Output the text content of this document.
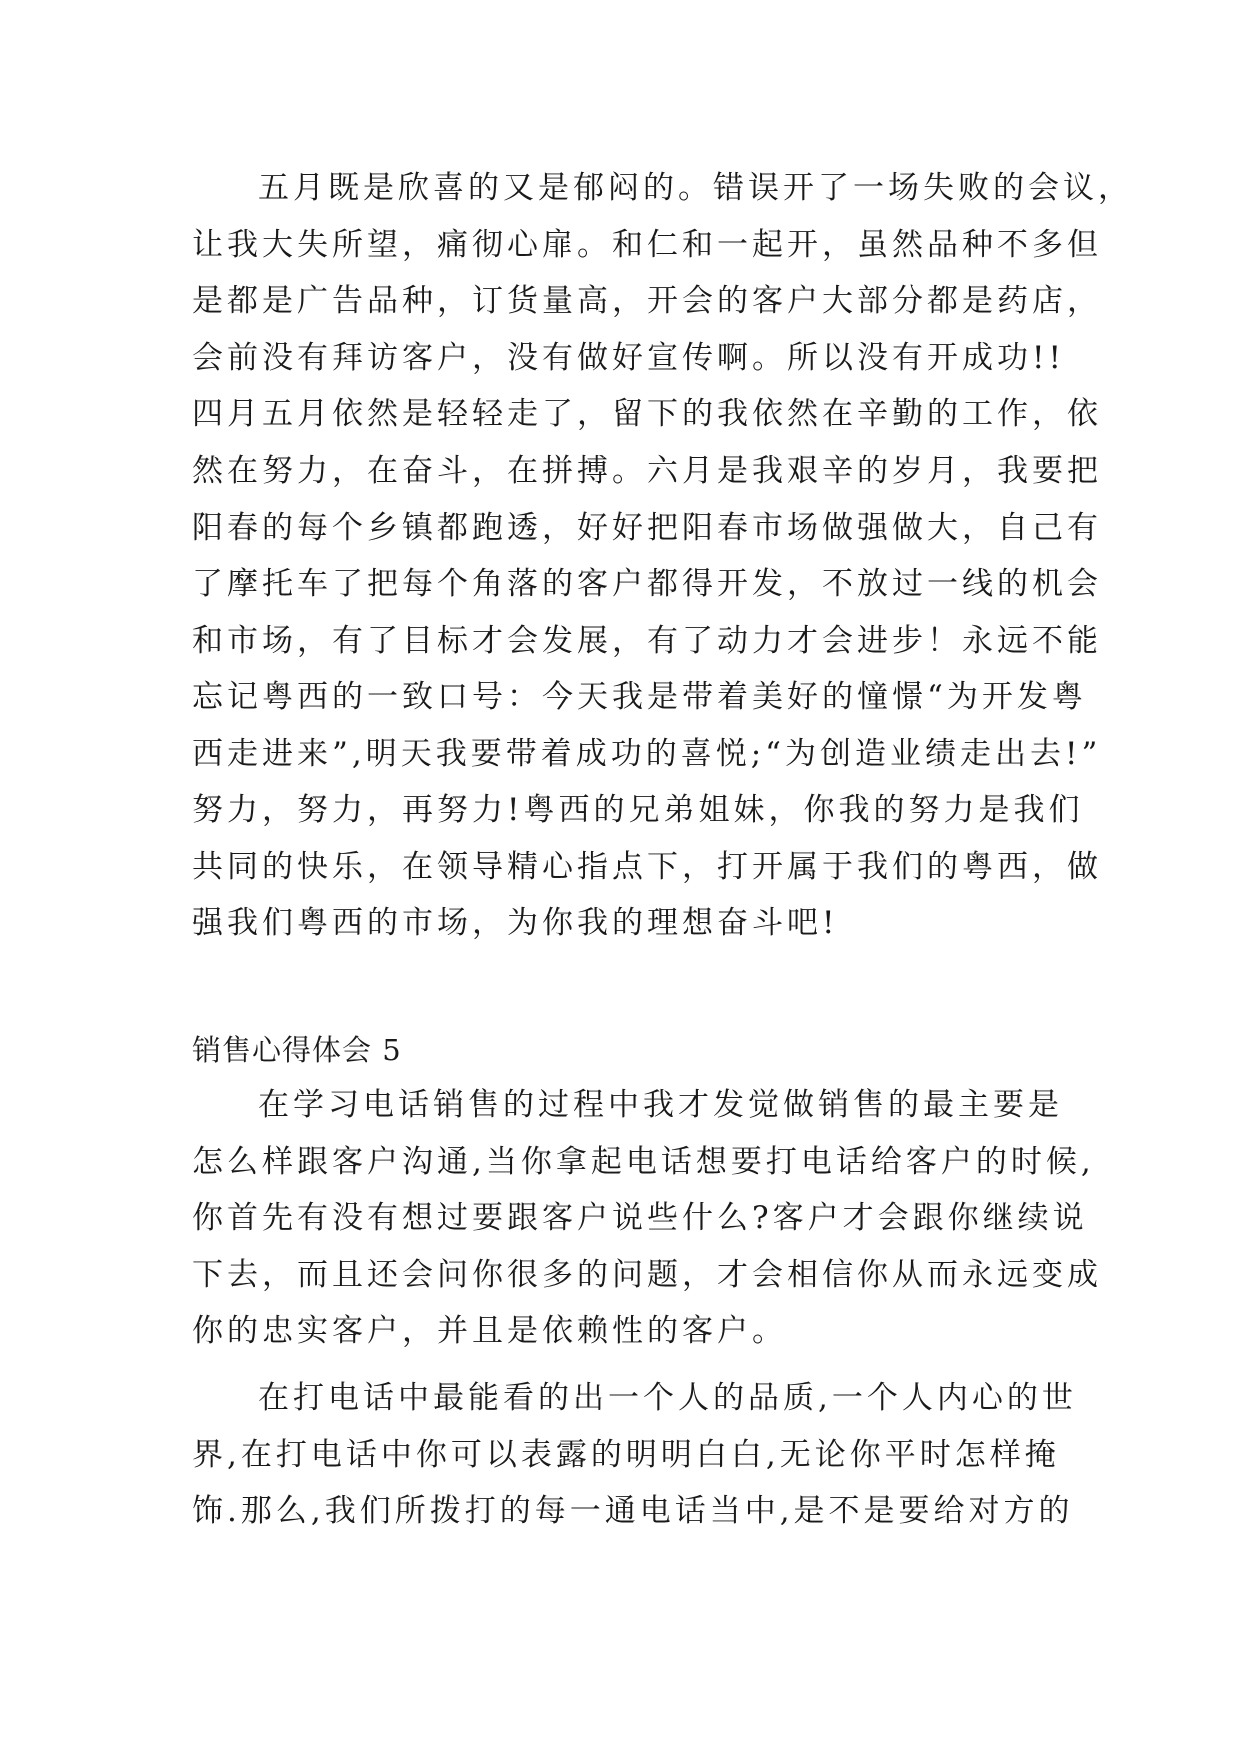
五月既是欣喜的又是郁闷的。错误开了一场失败的会议，
让我大失所望，痛彻心扉。和仁和一起开，虽然品种不多但
是都是广告品种，订货量高，开会的客户大部分都是药店，
会前没有拜访客户，没有做好宣传啊。所以没有开成功!!
四月五月依然是轻轻走了，留下的我依然在辛勤的工作，依
然在努力，在奋斗，在拼搏。六月是我艰辛的岁月，我要把
阳春的每个乡镇都跑透，好好把阳春市场做强做大，自己有
了摩托车了把每个角落的客户都得开发，不放过一线的机会
和市场，有了目标才会发展，有了动力才会进步！永远不能
忘记粤西的一致口号：今天我是带着美好的憧憬“为开发粤
西走进来”,明天我要带着成功的喜悦;“为创造业绩走出去!”
努力，努力，再努力!粤西的兄弟姐妹，你我的努力是我们
共同的快乐，在领导精心指点下，打开属于我们的粤西，做
强我们粤西的市场，为你我的理想奋斗吧!
销售心得体会 5
在学习电话销售的过程中我才发觉做销售的最主要是
怎么样跟客户沟通,当你拿起电话想要打电话给客户的时候,
你首先有没有想过要跟客户说些什么?客户才会跟你继续说
下去，而且还会问你很多的问题，才会相信你从而永远变成
你的忠实客户，并且是依赖性的客户。
在打电话中最能看的出一个人的品质,一个人内心的世
界,在打电话中你可以表露的明明白白,无论你平时怎样掩
饰.那么,我们所拨打的每一通电话当中,是不是要给对方的
